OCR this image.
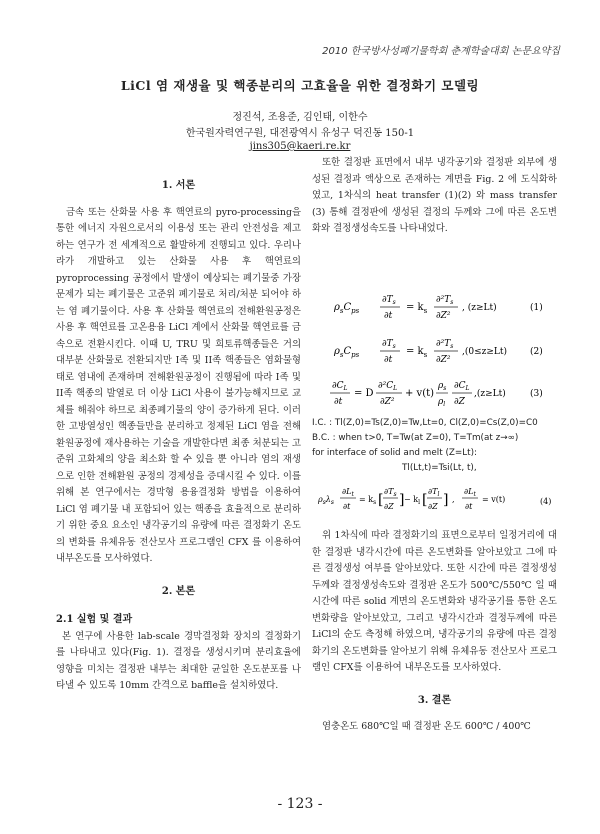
2010 한국방사성폐기물학회 춘계학술대회 논문요약집
LiCl 염 재생율 및 핵종분리의 고효율을 위한 결정화기 모델링
정진석, 조용준, 김인태, 이한수
한국원자력연구원, 대전광역시 유성구 덕진동 150-1
jins305@kaeri.re.kr
1. 서론

금속 또는 산화물 사용 후 핵연료의 pyro-processing을 통한 에너지 자원으로서의 이용성 또는 관리 안전성을 제고하는 연구가 전 세계적으로 활발하게 진행되고 있다. 우리나라가 개발하고 있는 산화물 사용 후 핵연료의 pyroprocessing 공정에서 발생이 예상되는 폐기물중 가장 문제가 되는 폐기물은 고준위 폐기물로 처리/처분 되어야 하는 염 폐기물이다. 사용 후 산화물 핵연료의 전해환원공정은 사용 후 핵연료를 고온용융 LiCl 계에서 산화물 핵연료를 금속으로 전환시킨다. 이때 U, TRU 및 희토류핵종들은 거의 대부분 산화물로 전환되지만 I족 및 II족 핵종들은 염화물형태로 염내에 존재하며 전해환원공정이 진행됨에 따라 I족 및 II족 핵종의 발열로 더 이상 LiCl 사용이 불가능해지므로 교체를 해줘야 하므로 최종폐기물의 양이 증가하게 된다. 이러한 고방열성인 핵종들만을 분리하고 정제된 LiCl 염을 전해환원공정에 재사용하는 기술을 개발한다면 최종 처분되는 고준위 고화체의 양을 최소화 할 수 있을 뿐 아니라 염의 재생으로 인한 전해환원 공정의 경제성을 증대시킬 수 있다. 이를 위해 본 연구에서는 경막형 용융결정화 방법을 이용하여 LiCl 염 폐기물 내 포함되어 있는 핵종을 효율적으로 분리하기 위한 중요 요소인 냉각공기의 유량에 따른 결정화기 온도의 변화를 유체유동 전산모사 프로그램인 CFX 를 이용하여 내부온도를 모사하였다.

2. 본론
2.1 실험 및 결과

본 연구에 사용한 lab-scale 경막결정화 장치의 결정화기를 나타내고 있다(Fig. 1). 결정을 생성시키며 분리효율에 영향을 미치는 결정판 내부는 최대한 균일한 온도분포를 나타낼 수 있도록 10mm 간격으로 baffle을 설치하였다.

또한 결정판 표면에서 내부 냉각공기와 결정판 외부에 생성된 결정과 액상으로 존재하는 계면을 Fig. 2 에 도식화하였고, 1차식의 heat transfer (1)(2) 와 mass transfer (3) 통해 결정판에 생성된 결정의 두께와 그에 따른 온도변화와 결정생성속도를 나타내었다.

$\rho_sC_{ps}$
$\partial T_s$
∂t
= $k_s$
$\partial^2T_s$
∂Z²
, (z≥Lt)	(1)
$\rho_sC_{ps}$
$\partial T_s$
∂t
= $k_s$
$\partial^2T_s$
∂Z²
,(0≤z≥Lt)	(2)
$\partial C_L$
∂t
= D
$\partial^2C_L$
∂Z²
+ v(t)
$\rho_s$
$\rho_l$
$\partial C_L$
∂Z
,(z≥Lt)	(3)
I.C. : Tl(Z,0)=Ts(Z,0)=Tw,Lt=0, Cl(Z,0)=Cs(Z,0)=C0
B.C. : when t>0, T=Tw(at Z=0), T=Tm(at z→∞)
for interface of solid and melt (Z=Lt):
Tl(Lt,t)=Tsi(Lt, t),
$\rho_s\lambda_s$
$\partial L_t$
∂t
= $k_s$ [
$\partial T_s$
∂Z ] − $k_l$ [
$\partial T_l$
∂Z ] ,
$\partial L_t$
∂t
= v(t)	(4)

위 1차식에 따라 결정화기의 표면으로부터 일정거리에 대한 결정판 냉각시간에 따른 온도변화를 알아보았고 그에 따른 결정생성 여부를 알아보았다. 또한 시간에 따른 결정생성 두께와 결정생성속도와 결정판 온도가 500℃/550℃ 일 때 시간에 따른 solid 계면의 온도변화와 냉각공기를 통한 온도변화량을 알아보았고, 그리고 냉각시간과 결정두께에 따른 LiCl의 순도 측정해 하였으며, 냉각공기의 유량에 따른 결정화기의 온도변화를 알아보기 위해 유체유동 전산모사 프로그램인 CFX를 이용하여 내부온도를 모사하였다.

3. 결론

염충온도 680℃일 때 결정판 온도 600℃ / 400℃

- 123 -
